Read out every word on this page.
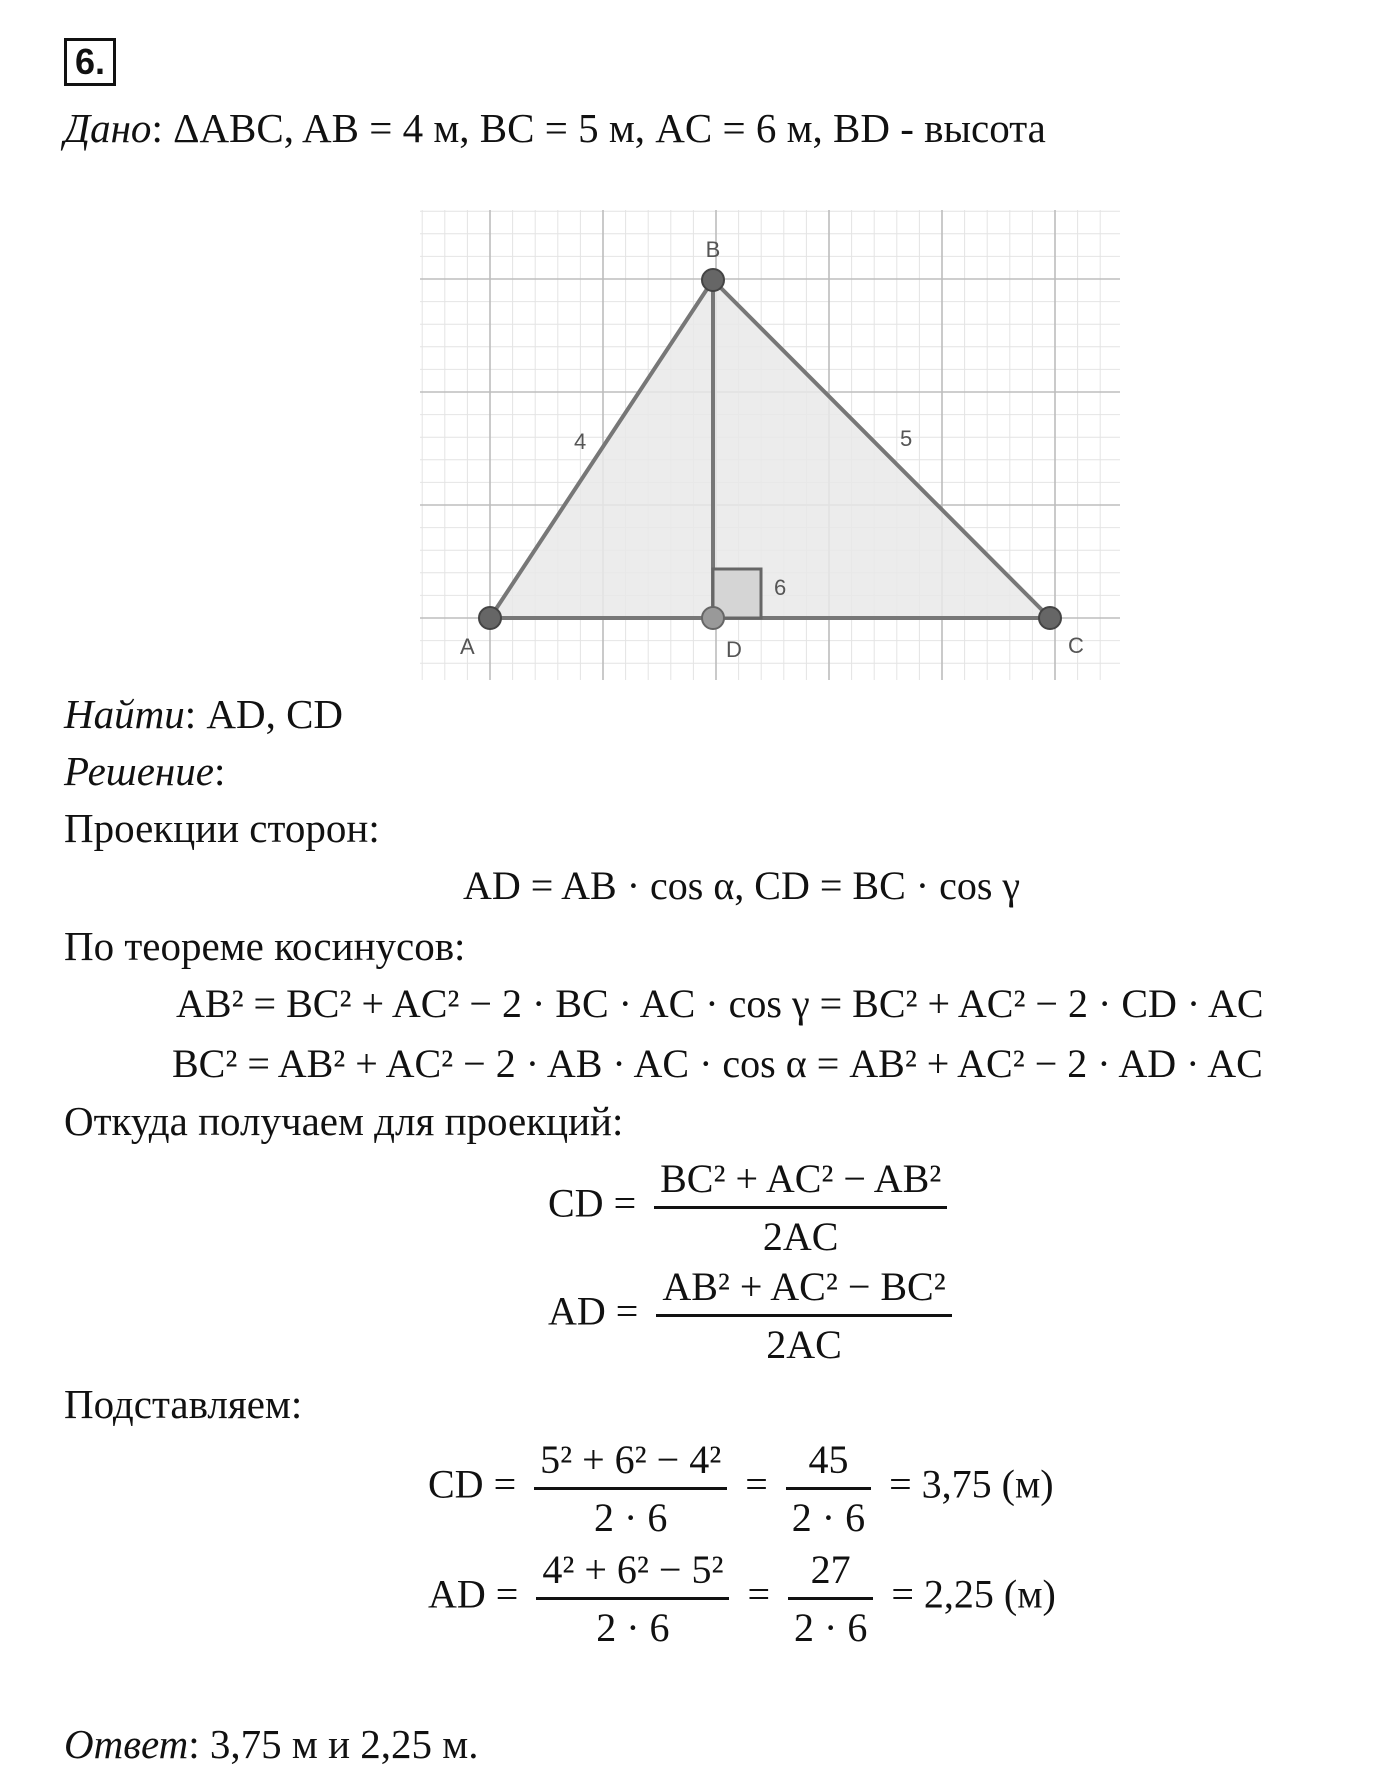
6.
Дано: ΔABC, AB = 4 м, BC = 5 м, AC = 6 м, BD - высота
A
B
C
D
4	5
6
Найти: AD, CD
Решение:
Проекции сторон:
AD = AB · cos α, CD = BC · cos γ
По теореме косинусов:
AB² = BC² + AC² − 2 · BC · AC · cos γ = BC² + AC² − 2 · CD · AC
BC² = AB² + AC² − 2 · AB · AC · cos α = AB² + AC² − 2 · AD · AC
Откуда получаем для проекций:
CD = $\frac{\text{BC² + AC² − AB²}}{2AC}$
AD = $\frac{\text{AB² + AC² − BC²}}{2AC}$
Подставляем:
CD = $\frac{\text{5² + 6² − 4²}}{2 \cdot 6} = \frac{45}{2 \cdot 6} = 3,75$ (м)
AD = $\frac{\text{4² + 6² − 5²}}{2 \cdot 6} = \frac{27}{2 \cdot 6} = 2,25$ (м)
Ответ: 3,75 м и 2,25 м.
